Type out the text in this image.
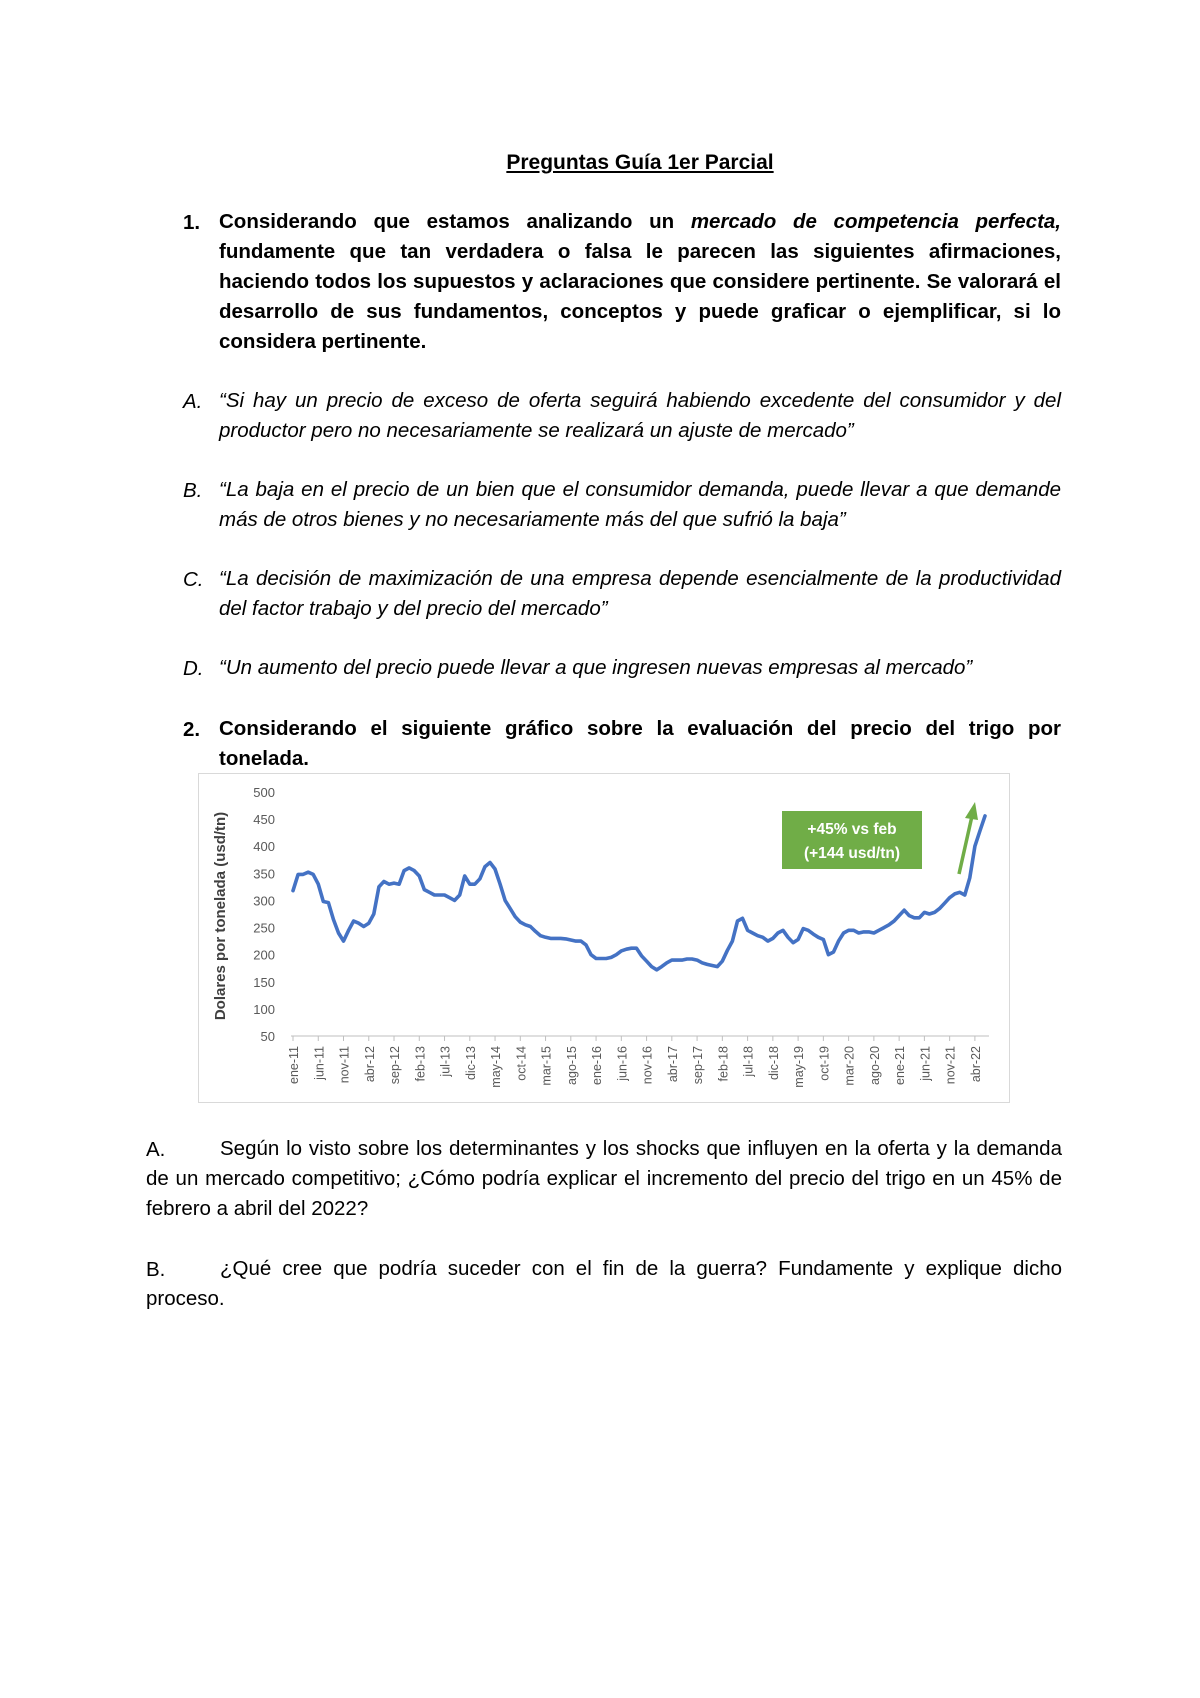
Preguntas Guía 1er Parcial
1. Considerando que estamos analizando un mercado de competencia perfecta, fundamente que tan verdadera o falsa le parecen las siguientes afirmaciones, haciendo todos los supuestos y aclaraciones que considere pertinente. Se valorará el desarrollo de sus fundamentos, conceptos y puede graficar o ejemplificar, si lo considera pertinente.
A. “Si hay un precio de exceso de oferta seguirá habiendo excedente del consumidor y del productor pero no necesariamente se realizará un ajuste de mercado”
B. “La baja en el precio de un bien que el consumidor demanda, puede llevar a que demande más de otros bienes y no necesariamente más del que sufrió la baja”
C. “La decisión de maximización de una empresa depende esencialmente de la productividad del factor trabajo y del precio del mercado”
D. “Un aumento del precio puede llevar a que ingresen nuevas empresas al mercado”
2. Considerando el siguiente gráfico sobre la evaluación del precio del trigo por tonelada.
Dolares por tonelada (usd/tn)
500
450
400
350
300
250
200
150
100
50
ene-11 jun-11 nov-11 abr-12 sep-12 feb-13 jul-13 dic-13 may-14 oct-14 mar-15 ago-15 ene-16 jun-16 nov-16 abr-17 sep-17 feb-18 jul-18 dic-18 may-19 oct-19 mar-20 ago-20 ene-21 jun-21 nov-21 abr-22
+45% vs feb
(+144 usd/tn)
A.	Según lo visto sobre los determinantes y los shocks que influyen en la oferta y la demanda de un mercado competitivo; ¿Cómo podría explicar el incremento del precio del trigo en un 45% de febrero a abril del 2022?
B.	¿Qué cree que podría suceder con el fin de la guerra? Fundamente y explique dicho proceso.
